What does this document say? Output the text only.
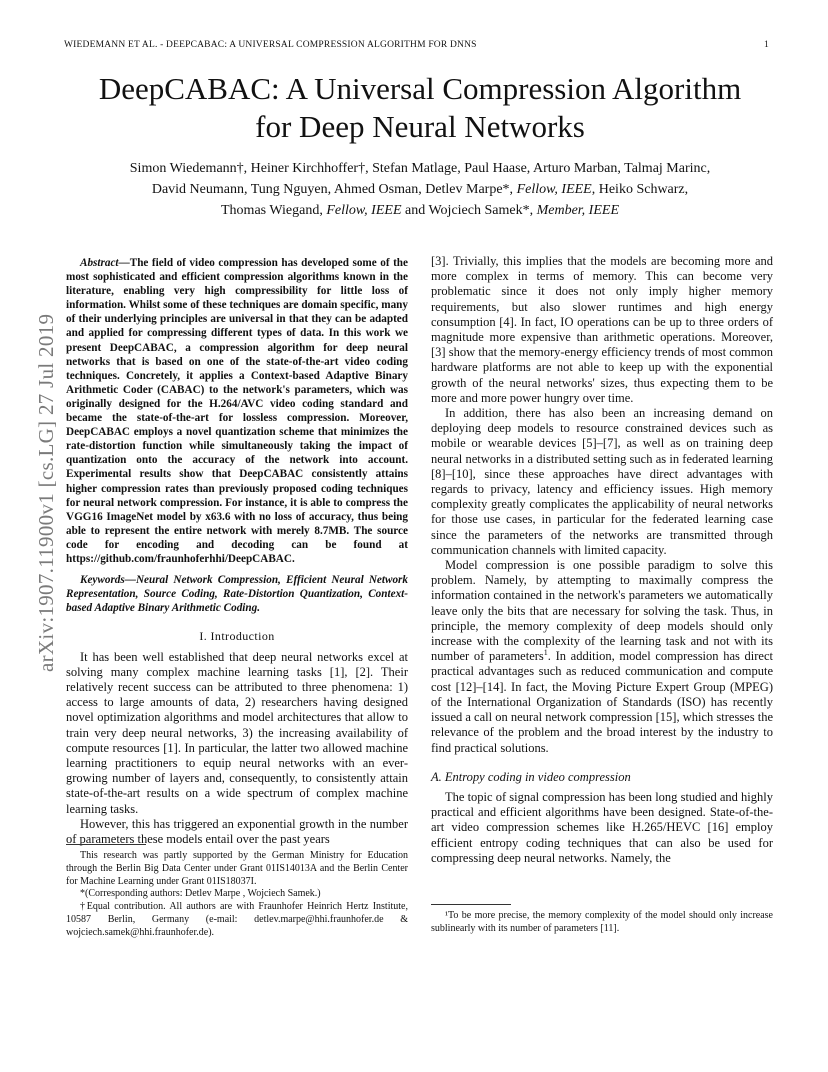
WIEDEMANN ET AL. - DEEPCABAC: A UNIVERSAL COMPRESSION ALGORITHM FOR DNNS	1
arXiv:1907.11900v1 [cs.LG] 27 Jul 2019
DeepCABAC: A Universal Compression Algorithm
for Deep Neural Networks
Simon Wiedemann†, Heiner Kirchhoffer†, Stefan Matlage, Paul Haase, Arturo Marban, Talmaj Marinc,
David Neumann, Tung Nguyen, Ahmed Osman, Detlev Marpe*, Fellow, IEEE, Heiko Schwarz,
Thomas Wiegand, Fellow, IEEE and Wojciech Samek*, Member, IEEE

Abstract—The field of video compression has developed some of the most sophisticated and efficient compression algorithms known in the literature, enabling very high compressibility for little loss of information. Whilst some of these techniques are domain specific, many of their underlying principles are universal in that they can be adapted and applied for compressing different types of data. In this work we present DeepCABAC, a compression algorithm for deep neural networks that is based on one of the state-of-the-art video coding techniques. Concretely, it applies a Context-based Adaptive Binary Arithmetic Coder (CABAC) to the network's parameters, which was originally designed for the H.264/AVC video coding standard and became the state-of-the-art for lossless compression. Moreover, DeepCABAC employs a novel quantization scheme that minimizes the rate-distortion function while simultaneously taking the impact of quantization onto the accuracy of the network into account. Experimental results show that DeepCABAC consistently attains higher compression rates than previously proposed coding techniques for neural network compression. For instance, it is able to compress the VGG16 ImageNet model by x63.6 with no loss of accuracy, thus being able to represent the entire network with merely 8.7MB. The source code for encoding and decoding can be found at https://github.com/fraunhoferhhi/DeepCABAC.

Keywords—Neural Network Compression, Efficient Neural Network Representation, Source Coding, Rate-Distortion Quantization, Context-based Adaptive Binary Arithmetic Coding.

I. Introduction

It has been well established that deep neural networks excel at solving many complex machine learning tasks [1], [2]. Their relatively recent success can be attributed to three phenomena: 1) access to large amounts of data, 2) researchers having designed novel optimization algorithms and model architectures that allow to train very deep neural networks, 3) the increasing availability of compute resources [1]. In particular, the latter two allowed machine learning practitioners to equip neural networks with an ever-growing number of layers and, consequently, to consistently attain state-of-the-art results on a wide spectrum of complex machine learning tasks.

However, this has triggered an exponential growth in the number of parameters these models entail over the past years

This research was partly supported by the German Ministry for Education through the Berlin Big Data Center under Grant 01IS14013A and the Berlin Center for Machine Learning under Grant 01IS18037I.

*(Corresponding authors: Detlev Marpe , Wojciech Samek.)

†Equal contribution. All authors are with Fraunhofer Heinrich Hertz Institute, 10587 Berlin, Germany (e-mail: detlev.marpe@hhi.fraunhofer.de & wojciech.samek@hhi.fraunhofer.de).

[3]. Trivially, this implies that the models are becoming more and more complex in terms of memory. This can become very problematic since it does not only imply higher memory requirements, but also slower runtimes and high energy consumption [4]. In fact, IO operations can be up to three orders of magnitude more expensive than arithmetic operations. Moreover, [3] show that the memory-energy efficiency trends of most common hardware platforms are not able to keep up with the exponential growth of the neural networks' sizes, thus expecting them to be more and more power hungry over time.

In addition, there has also been an increasing demand on deploying deep models to resource constrained devices such as mobile or wearable devices [5]–[7], as well as on training deep neural networks in a distributed setting such as in federated learning [8]–[10], since these approaches have direct advantages with regards to privacy, latency and efficiency issues. High memory complexity greatly complicates the applicability of neural networks for those use cases, in particular for the federated learning case since the parameters of the networks are transmitted through communication channels with limited capacity.

Model compression is one possible paradigm to solve this problem. Namely, by attempting to maximally compress the information contained in the network's parameters we automatically leave only the bits that are necessary for solving the task. Thus, in principle, the memory complexity of deep models should only increase with the complexity of the learning task and not with its number of parameters$^1$. In addition, model compression has direct practical advantages such as reduced communication and compute cost [12]–[14]. In fact, the Moving Picture Expert Group (MPEG) of the International Organization of Standards (ISO) has recently issued a call on neural network compression [15], which stresses the relevance of the problem and the broad interest by the industry to find practical solutions.

A. Entropy coding in video compression

The topic of signal compression has been long studied and highly practical and efficient algorithms have been designed. State-of-the-art video compression schemes like H.265/HEVC [16] employ efficient entropy coding techniques that can also be used for compressing deep neural networks. Namely, the

¹To be more precise, the memory complexity of the model should only increase sublinearly with its number of parameters [11].
